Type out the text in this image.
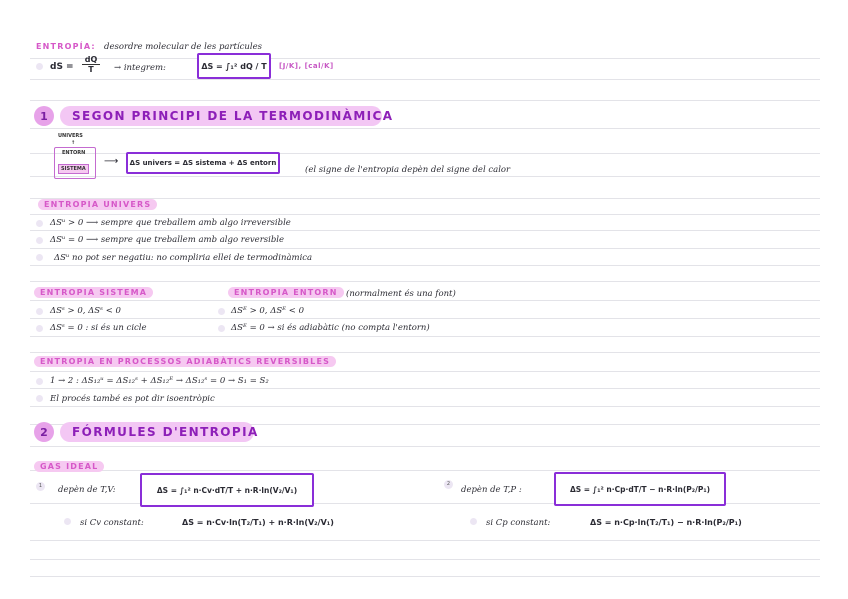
ENTROPÍA: desordre molecular de les partícules
dS = $\frac{dQ}{T}$ → integrem:	ΔS = ∫₁² dQ / T	[J/K], [cal/K]
1	SEGON PRINCIPI DE LA TERMODINÀMICA
UNIVERS
↑
ENTORN
SISTEMA
⟶	ΔS univers = ΔS sistema + ΔS entorn
(el signe de l'entropia depèn del signe del calor
ENTROPIA UNIVERS
ΔSᵘ > 0 ⟶ sempre que treballem amb algo irreversible
ΔSᵘ = 0 ⟶ sempre que treballem amb algo reversible
ΔSᵘ no pot ser negatiu: no compliria ellei de termodinàmica
ENTROPIA SISTEMA
ΔSˢ > 0, ΔSˢ < 0
ΔSˢ = 0 : si és un cicle
ENTROPIA ENTORN (normalment és una font)
ΔSᴱ > 0, ΔSᴱ < 0
ΔSᴱ = 0 → si és adiabàtic (no compta l'entorn)
ENTROPIA EN PROCESSOS ADIABÀTICS REVERSIBLES
1 → 2 : ΔS₁₂ᵘ = ΔS₁₂ˢ + ΔS₁₂ᴱ → ΔS₁₂ˢ = 0 → S₁ = S₂
El procés també es pot dir isoentròpic
2	FÓRMULES D'ENTROPIA
GAS IDEAL
1	depèn de T,V:	ΔS = ∫₁² n·Cv·dT/T + n·R·ln(V₂/V₁)
2
depèn de T,P :	ΔS = ∫₁² n·Cp·dT/T − n·R·ln(P₂/P₁)
si Cv constant:	ΔS = n·Cv·ln(T₂/T₁) + n·R·ln(V₂/V₁)	si Cp constant:	ΔS = n·Cp·ln(T₂/T₁) − n·R·ln(P₂/P₁)
